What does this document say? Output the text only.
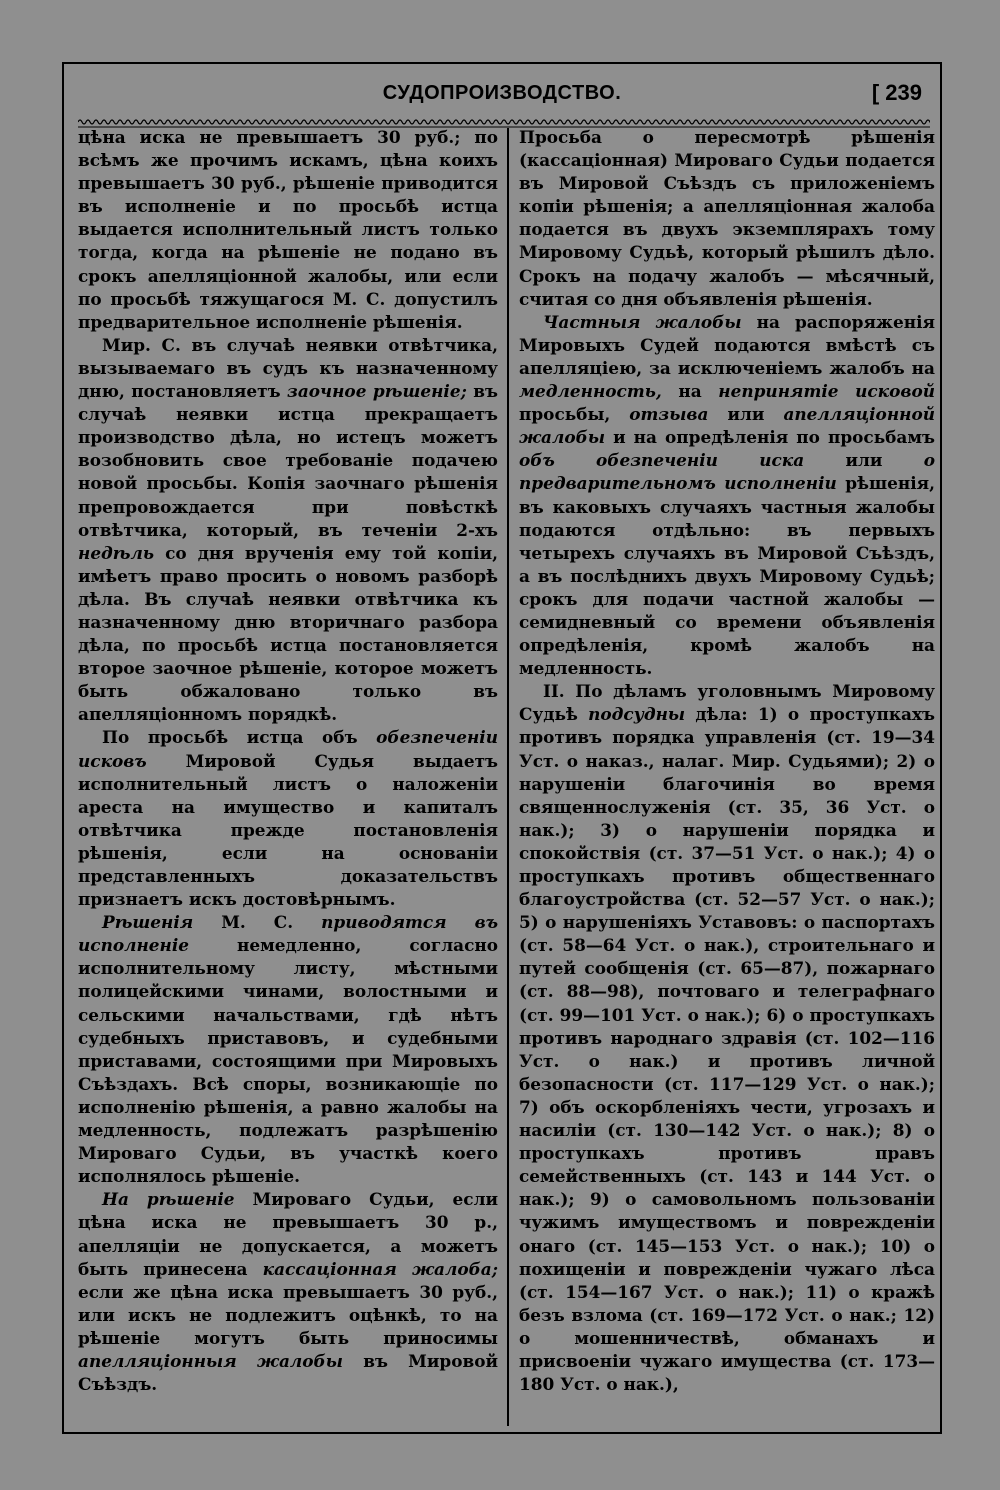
СУДОПРОИЗВОДСТВО.	[ 239

цѣна иска не превышаетъ 30 руб.; по всѣмъ же прочимъ искамъ, цѣна коихъ превышаетъ 30 руб., рѣшеніе приводится въ исполненіе и по просьбѣ истца выдается исполнительный листъ только тогда, когда на рѣшеніе не подано въ срокъ апелляціонной жалобы, или если по просьбѣ тяжущагося М. С. допустилъ предварительное исполненіе рѣшенія.

Мир. С. въ случаѣ неявки отвѣтчика, вызываемаго въ судъ къ назначенному дню, постановляетъ заочное рѣшеніе; въ случаѣ неявки истца прекращаетъ производство дѣла, но истецъ можетъ возобновить свое требованіе подачею новой просьбы. Копія заочнаго рѣшенія препровождается при повѣсткѣ отвѣтчика, который, въ теченіи 2-хъ недѣль со дня врученія ему той копіи, имѣетъ право просить о новомъ разборѣ дѣла. Въ случаѣ неявки отвѣтчика къ назначенному дню вторичнаго разбора дѣла, по просьбѣ истца постановляется второе заочное рѣшеніе, которое можетъ быть обжаловано только въ апелляціонномъ порядкѣ.

По просьбѣ истца объ обезпеченіи исковъ Мировой Судья выдаетъ исполнительный листъ о наложеніи ареста на имущество и капиталъ отвѣтчика прежде постановленія рѣшенія, если на основаніи представленныхъ доказательствъ признаетъ искъ достовѣрнымъ.

Рѣшенія М. С. приводятся въ исполненіе немедленно, согласно исполнительному листу, мѣстными полицейскими чинами, волостными и сельскими начальствами, гдѣ нѣтъ судебныхъ приставовъ, и судебными приставами, состоящими при Мировыхъ Съѣздахъ. Всѣ споры, возникающіе по исполненію рѣшенія, а равно жалобы на медленность, подлежатъ разрѣшенію Мироваго Судьи, въ участкѣ коего исполнялось рѣшеніе.

На рѣшеніе Мироваго Судьи, если цѣна иска не превышаетъ 30 р., апелляціи не допускается, а можетъ быть принесена кассаціонная жалоба; если же цѣна иска превышаетъ 30 руб., или искъ не подлежитъ оцѣнкѣ, то на рѣшеніе могутъ быть приносимы апелляціонныя жалобы въ Мировой Съѣздъ.

Просьба о пересмотрѣ рѣшенія (кассаціонная) Мироваго Судьи подается въ Мировой Съѣздъ съ приложеніемъ копіи рѣшенія; а апелляціонная жалоба подается въ двухъ экземплярахъ тому Мировому Судьѣ, который рѣшилъ дѣло. Срокъ на подачу жалобъ — мѣсячный, считая со дня объявленія рѣшенія.

Частныя жалобы на распоряженія Мировыхъ Судей подаются вмѣстѣ съ апелляціею, за исключеніемъ жалобъ на медленность, на непринятіе исковой просьбы, отзыва или апелляціонной жалобы и на опредѣленія по просьбамъ объ обезпеченіи иска или о предварительномъ исполненіи рѣшенія, въ каковыхъ случаяхъ частныя жалобы подаются отдѣльно: въ первыхъ четырехъ случаяхъ въ Мировой Съѣздъ, а въ послѣднихъ двухъ Мировому Судьѣ; срокъ для подачи частной жалобы — семидневный со времени объявленія опредѣленія, кромѣ жалобъ на медленность.

II. По дѣламъ уголовнымъ Мировому Судьѣ подсудны дѣла: 1) о проступкахъ противъ порядка управленія (ст. 19—34 Уст. о наказ., налаг. Мир. Судьями); 2) о нарушеніи благочинія во время священнослуженія (ст. 35, 36 Уст. о нак.); 3) о нарушеніи порядка и спокойствія (ст. 37—51 Уст. о нак.); 4) о проступкахъ противъ общественнаго благоустройства (ст. 52—57 Уст. о нак.); 5) о нарушеніяхъ Уставовъ: о паспортахъ (ст. 58—64 Уст. о нак.), строительнаго и путей сообщенія (ст. 65—87), пожарнаго (ст. 88—98), почтоваго и телеграфнаго (ст. 99—101 Уст. о нак.); 6) о проступкахъ противъ народнаго здравія (ст. 102—116 Уст. о нак.) и противъ личной безопасности (ст. 117—129 Уст. о нак.); 7) объ оскорбленіяхъ чести, угрозахъ и насиліи (ст. 130—142 Уст. о нак.); 8) о проступкахъ противъ правъ семейственныхъ (ст. 143 и 144 Уст. о нак.); 9) о самовольномъ пользованіи чужимъ имуществомъ и поврежденіи онаго (ст. 145—153 Уст. о нак.); 10) о похищеніи и поврежденіи чужаго лѣса (ст. 154—167 Уст. о нак.); 11) о кражѣ безъ взлома (ст. 169—172 Уст. о нак.; 12) о мошенничествѣ, обманахъ и присвоеніи чужаго имущества (ст. 173—180 Уст. о нак.),
